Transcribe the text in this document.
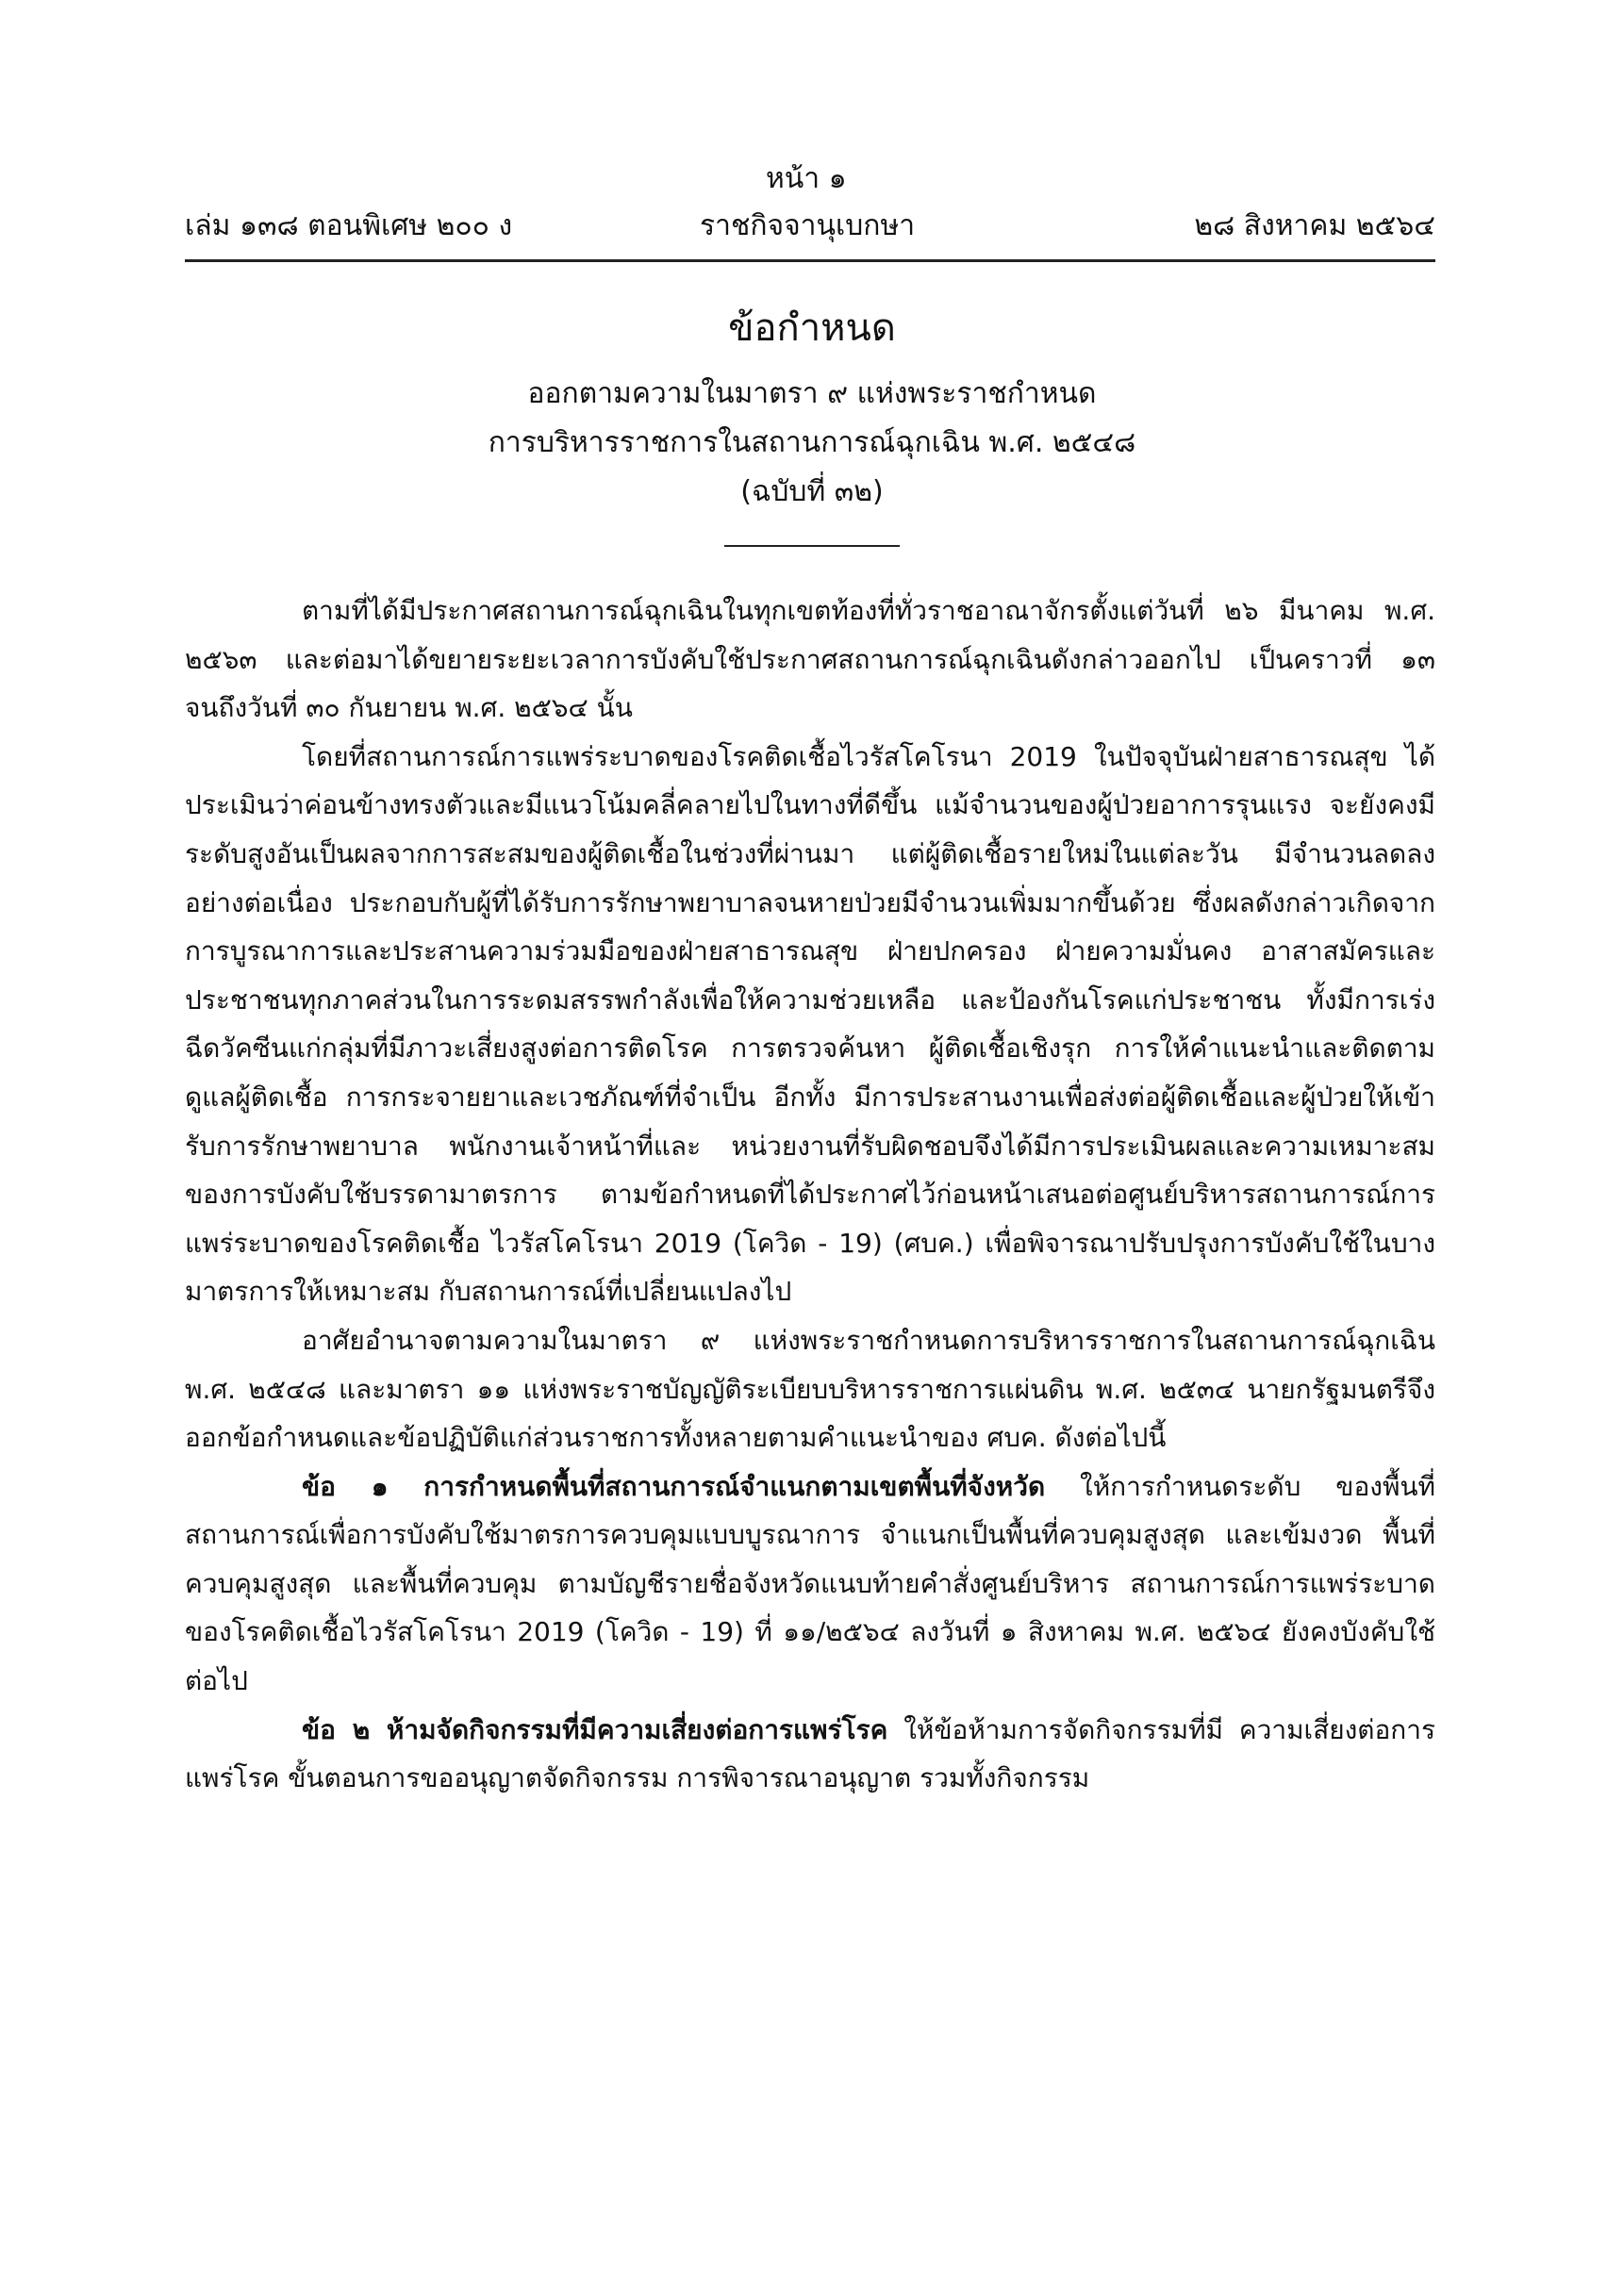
หน้า ๑
เล่ม ๑๓๘ ตอนพิเศษ ๒๐๐ ง	ราชกิจจานุเบกษา	๒๘ สิงหาคม ๒๕๖๔
ข้อกำหนด
ออกตามความในมาตรา ๙ แห่งพระราชกำหนด
การบริหารราชการในสถานการณ์ฉุกเฉิน พ.ศ. ๒๕๔๘
(ฉบับที่ ๓๒)

ตามที่ได้มีประกาศสถานการณ์ฉุกเฉินในทุกเขตท้องที่ทั่วราชอาณาจักรตั้งแต่วันที่ ๒๖ มีนาคม พ.ศ. ๒๕๖๓ และต่อมาได้ขยายระยะเวลาการบังคับใช้ประกาศสถานการณ์ฉุกเฉินดังกล่าวออกไป เป็นคราวที่ ๑๓ จนถึงวันที่ ๓๐ กันยายน พ.ศ. ๒๕๖๔ นั้น

โดยที่สถานการณ์การแพร่ระบาดของโรคติดเชื้อไวรัสโคโรนา 2019 ในปัจจุบันฝ่ายสาธารณสุข ได้ประเมินว่าค่อนข้างทรงตัวและมีแนวโน้มคลี่คลายไปในทางที่ดีขึ้น แม้จำนวนของผู้ป่วยอาการรุนแรง จะยังคงมีระดับสูงอันเป็นผลจากการสะสมของผู้ติดเชื้อในช่วงที่ผ่านมา แต่ผู้ติดเชื้อรายใหม่ในแต่ละวัน มีจำนวนลดลงอย่างต่อเนื่อง ประกอบกับผู้ที่ได้รับการรักษาพยาบาลจนหายป่วยมีจำนวนเพิ่มมากขึ้นด้วย ซึ่งผลดังกล่าวเกิดจากการบูรณาการและประสานความร่วมมือของฝ่ายสาธารณสุข ฝ่ายปกครอง ฝ่ายความมั่นคง อาสาสมัครและประชาชนทุกภาคส่วนในการระดมสรรพกำลังเพื่อให้ความช่วยเหลือ และป้องกันโรคแก่ประชาชน ทั้งมีการเร่งฉีดวัคซีนแก่กลุ่มที่มีภาวะเสี่ยงสูงต่อการติดโรค การตรวจค้นหา ผู้ติดเชื้อเชิงรุก การให้คำแนะนำและติดตามดูแลผู้ติดเชื้อ การกระจายยาและเวชภัณฑ์ที่จำเป็น อีกทั้ง มีการประสานงานเพื่อส่งต่อผู้ติดเชื้อและผู้ป่วยให้เข้ารับการรักษาพยาบาล พนักงานเจ้าหน้าที่และ หน่วยงานที่รับผิดชอบจึงได้มีการประเมินผลและความเหมาะสมของการบังคับใช้บรรดามาตรการ ตามข้อกำหนดที่ได้ประกาศไว้ก่อนหน้าเสนอต่อศูนย์บริหารสถานการณ์การแพร่ระบาดของโรคติดเชื้อ ไวรัสโคโรนา 2019 (โควิด - 19) (ศบค.) เพื่อพิจารณาปรับปรุงการบังคับใช้ในบางมาตรการให้เหมาะสม กับสถานการณ์ที่เปลี่ยนแปลงไป

อาศัยอำนาจตามความในมาตรา ๙ แห่งพระราชกำหนดการบริหารราชการในสถานการณ์ฉุกเฉิน พ.ศ. ๒๕๔๘ และมาตรา ๑๑ แห่งพระราชบัญญัติระเบียบบริหารราชการแผ่นดิน พ.ศ. ๒๕๓๔ นายกรัฐมนตรีจึงออกข้อกำหนดและข้อปฏิบัติแก่ส่วนราชการทั้งหลายตามคำแนะนำของ ศบค. ดังต่อไปนี้

ข้อ ๑ การกำหนดพื้นที่สถานการณ์จำแนกตามเขตพื้นที่จังหวัด ให้การกำหนดระดับ ของพื้นที่สถานการณ์เพื่อการบังคับใช้มาตรการควบคุมแบบบูรณาการ จำแนกเป็นพื้นที่ควบคุมสูงสุด และเข้มงวด พื้นที่ควบคุมสูงสุด และพื้นที่ควบคุม ตามบัญชีรายชื่อจังหวัดแนบท้ายคำสั่งศูนย์บริหาร สถานการณ์การแพร่ระบาดของโรคติดเชื้อไวรัสโคโรนา 2019 (โควิด - 19) ที่ ๑๑/๒๕๖๔ ลงวันที่ ๑ สิงหาคม พ.ศ. ๒๕๖๔ ยังคงบังคับใช้ต่อไป

ข้อ ๒ ห้ามจัดกิจกรรมที่มีความเสี่ยงต่อการแพร่โรค ให้ข้อห้ามการจัดกิจกรรมที่มี ความเสี่ยงต่อการแพร่โรค ขั้นตอนการขออนุญาตจัดกิจกรรม การพิจารณาอนุญาต รวมทั้งกิจกรรม
